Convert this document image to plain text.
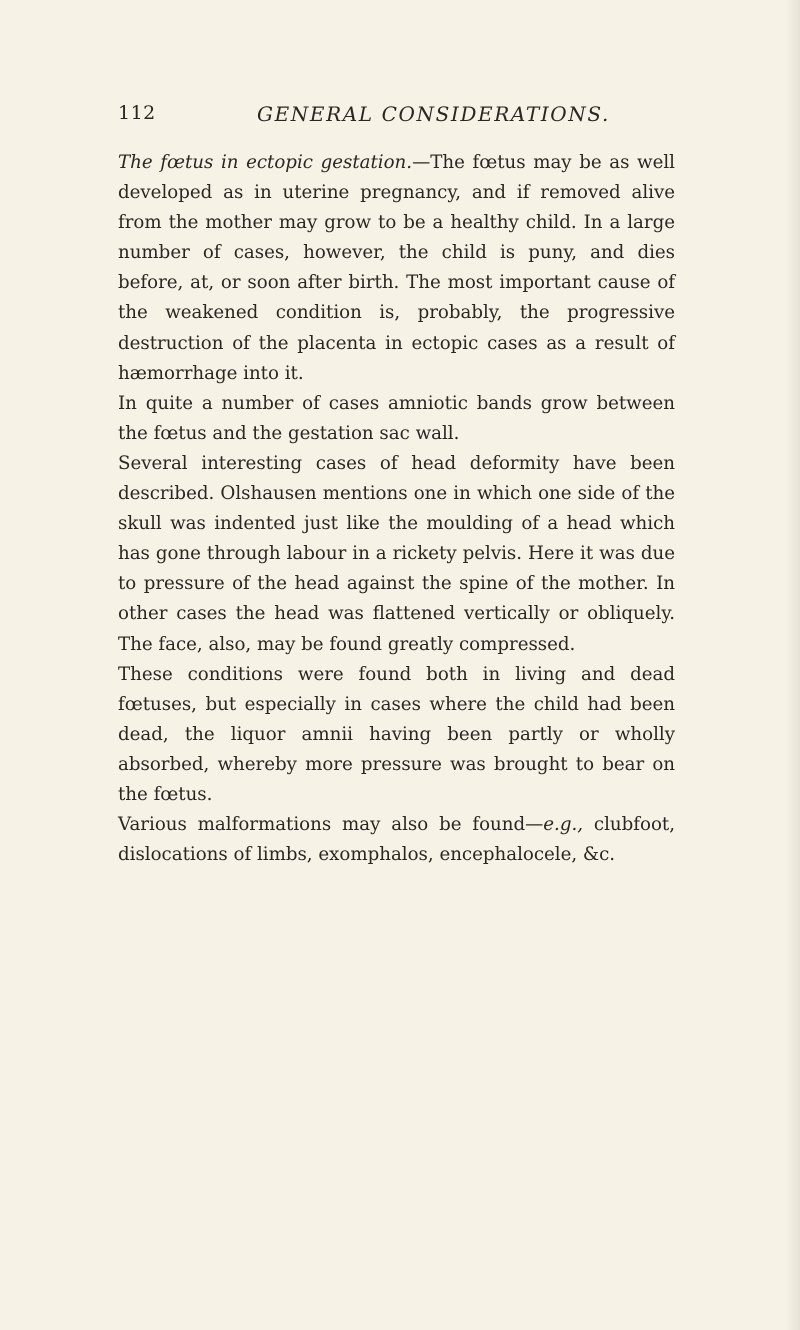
112	GENERAL CONSIDERATIONS.

The fœtus in ectopic gestation.—The fœtus may be as well developed as in uterine pregnancy, and if removed alive from the mother may grow to be a healthy child. In a large number of cases, however, the child is puny, and dies before, at, or soon after birth. The most important cause of the weakened condition is, probably, the progressive destruction of the placenta in ectopic cases as a result of hæmorrhage into it.

In quite a number of cases amniotic bands grow between the fœtus and the gestation sac wall.

Several interesting cases of head deformity have been described. Olshausen mentions one in which one side of the skull was indented just like the moulding of a head which has gone through labour in a rickety pelvis. Here it was due to pressure of the head against the spine of the mother. In other cases the head was flattened vertically or obliquely. The face, also, may be found greatly compressed.

These conditions were found both in living and dead fœtuses, but especially in cases where the child had been dead, the liquor amnii having been partly or wholly absorbed, whereby more pressure was brought to bear on the fœtus.

Various malformations may also be found—e.g., clubfoot, dislocations of limbs, exomphalos, encephalocele, &c.
